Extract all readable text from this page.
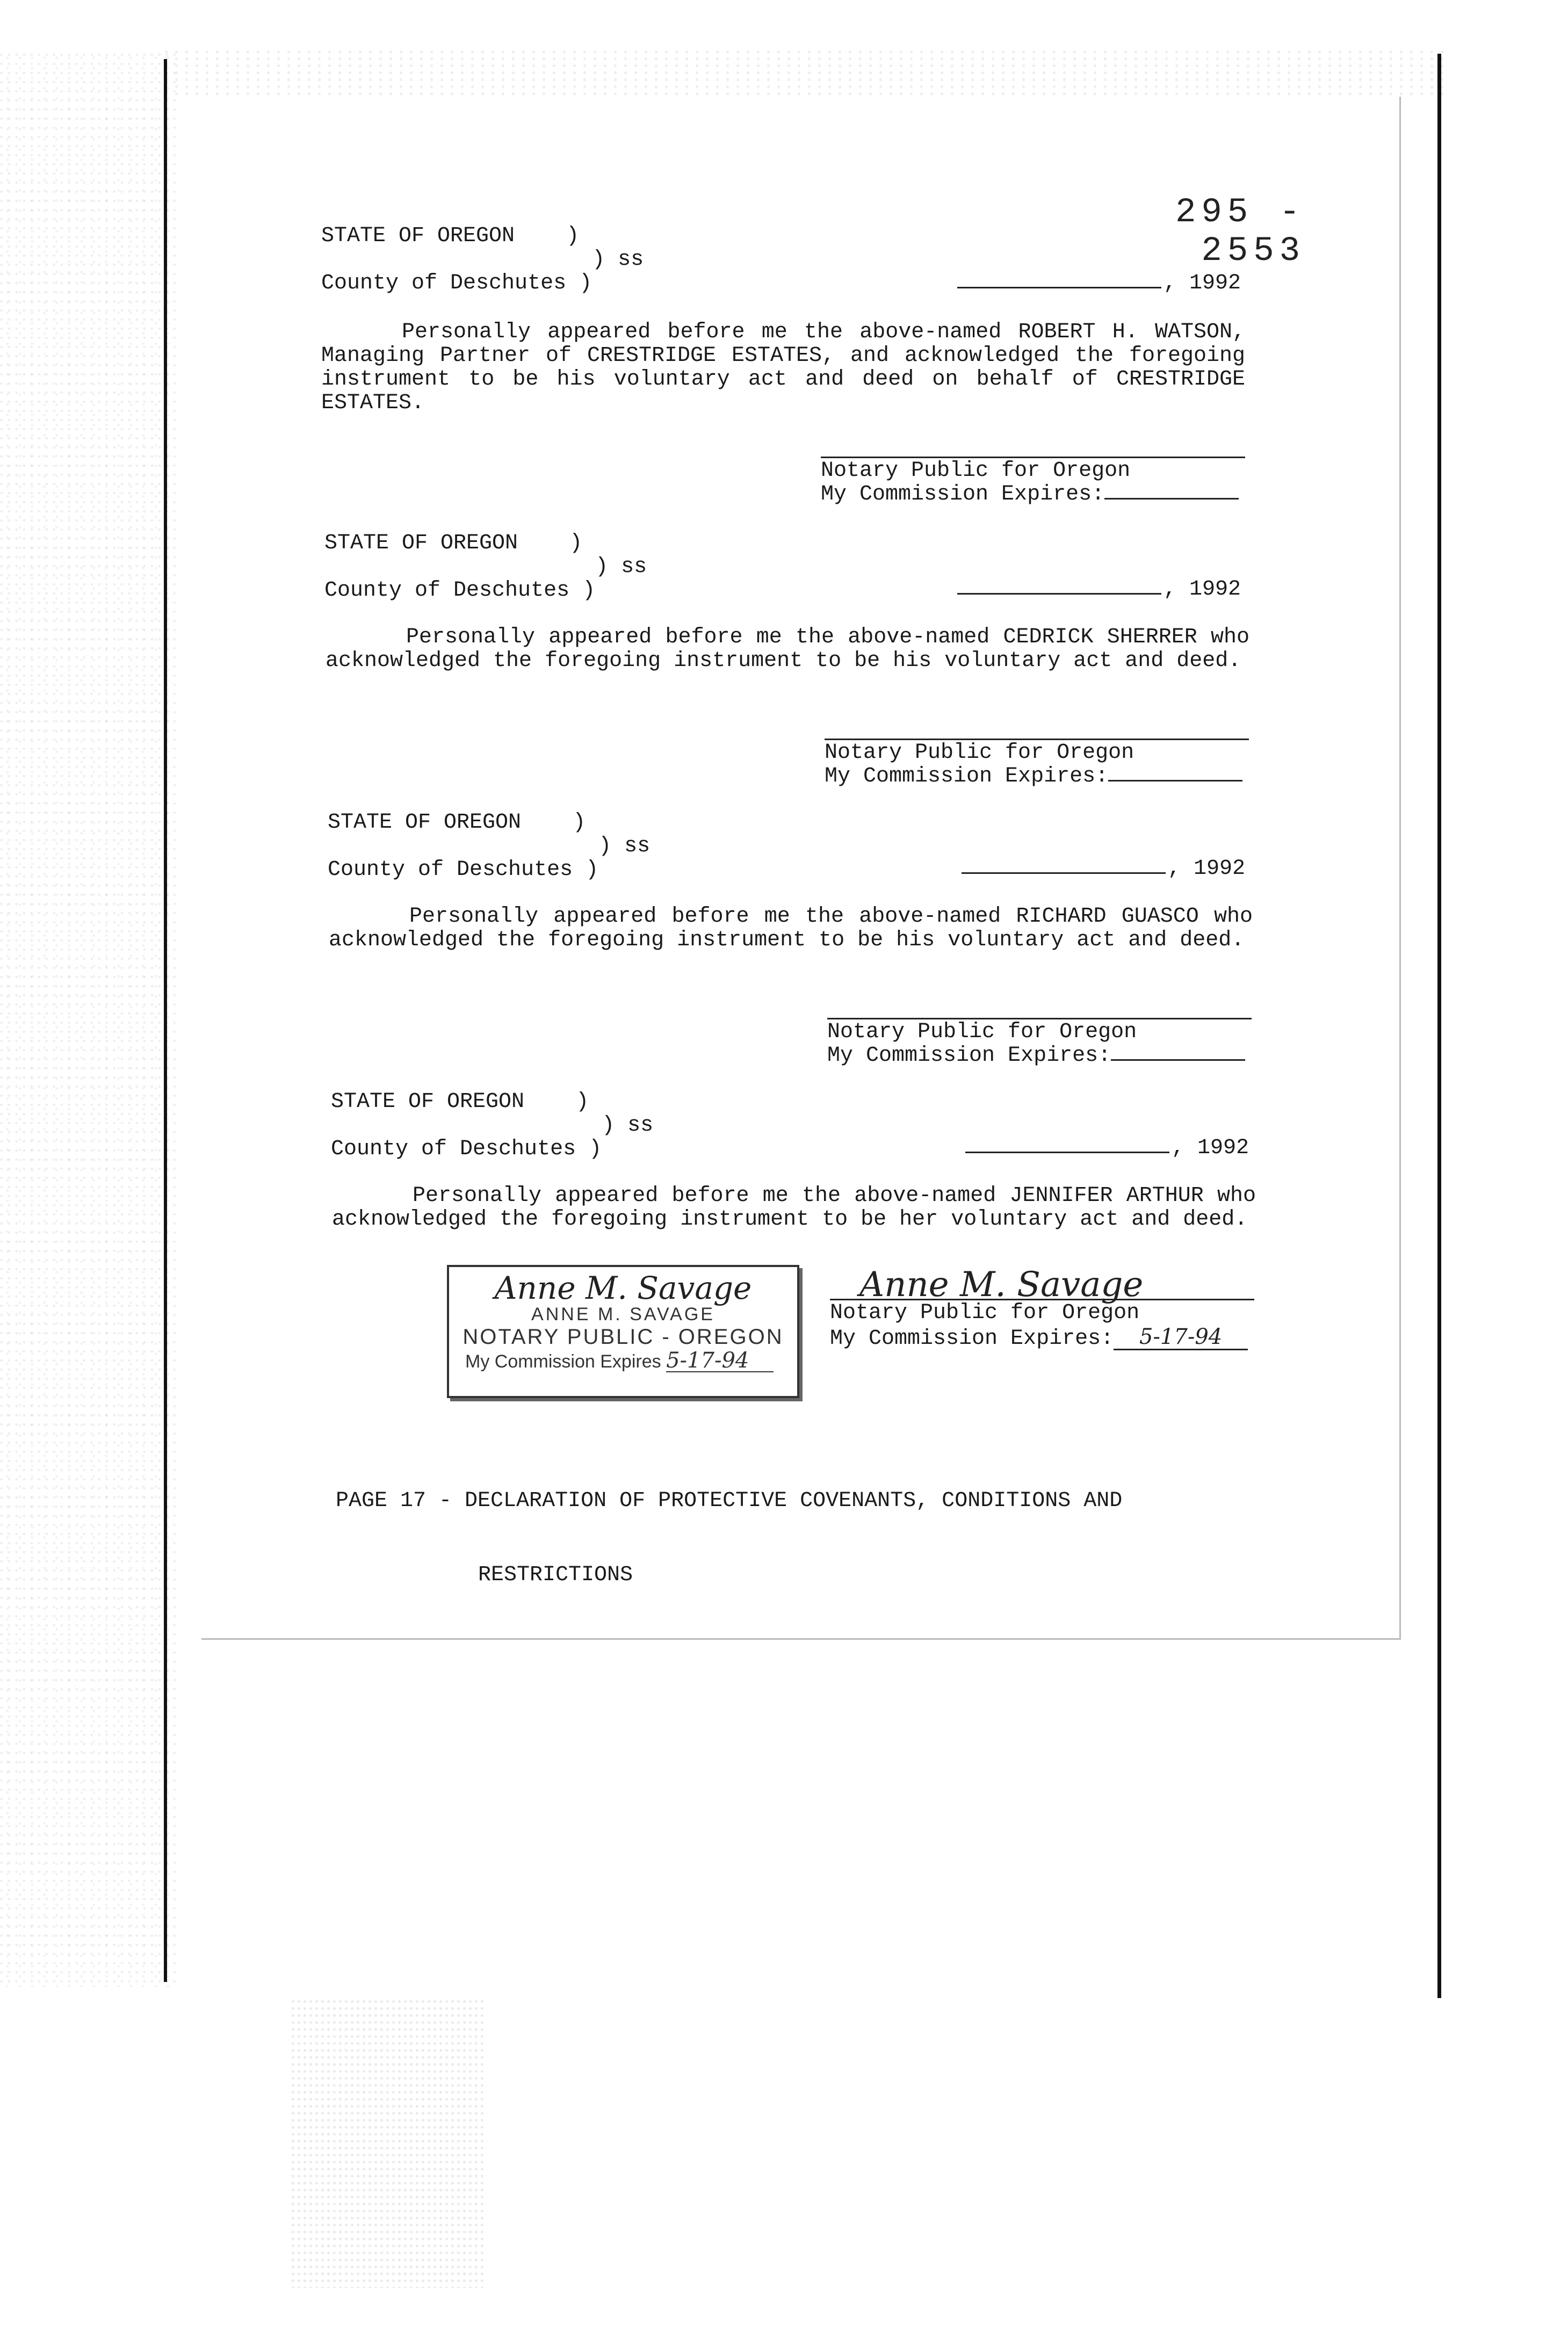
295 - 2553
STATE OF OREGON    )
) ss
County of Deschutes )	, 1992
Personally appeared before me the above-named ROBERT H. WATSON, Managing Partner of CRESTRIDGE ESTATES, and acknowledged the foregoing instrument to be his voluntary act and deed on behalf of CRESTRIDGE ESTATES.
Notary Public for Oregon
My Commission Expires:
STATE OF OREGON    )
) ss
County of Deschutes )	, 1992
Personally appeared before me the above-named CEDRICK SHERRER who acknowledged the foregoing instrument to be his voluntary act and deed.
Notary Public for Oregon
My Commission Expires:
STATE OF OREGON    )
) ss
County of Deschutes )	, 1992
Personally appeared before me the above-named RICHARD GUASCO who acknowledged the foregoing instrument to be his voluntary act and deed.
Notary Public for Oregon
My Commission Expires:
STATE OF OREGON    )
) ss
County of Deschutes )	, 1992
Personally appeared before me the above-named JENNIFER ARTHUR who acknowledged the foregoing instrument to be her voluntary act and deed.
Anne M. Savage
Notary Public for Oregon
My Commission Expires: 5-17-94
Anne M. Savage
ANNE M. SAVAGE
NOTARY PUBLIC - OREGON
My Commission Expires 5-17-94

PAGE 17 - DECLARATION OF PROTECTIVE COVENANTS, CONDITIONS AND

RESTRICTIONS
